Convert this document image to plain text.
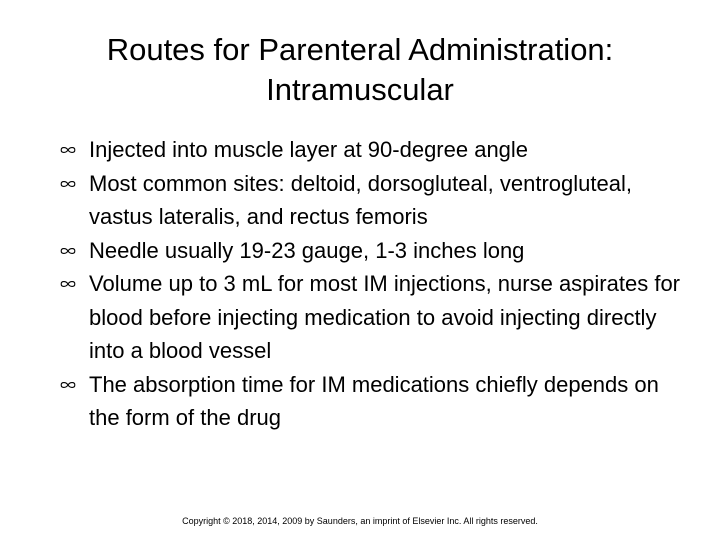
Routes for Parenteral Administration:
Intramuscular
Injected into muscle layer at 90-degree angle
Most common sites: deltoid, dorsogluteal, ventrogluteal, vastus lateralis, and rectus femoris
Needle usually 19-23 gauge, 1-3 inches long
Volume up to 3 mL for most IM injections, nurse aspirates for blood before injecting medication to avoid injecting directly into a blood vessel
The absorption time for IM medications chiefly depends on the form of the drug
Copyright © 2018, 2014, 2009 by Saunders, an imprint of Elsevier Inc. All rights reserved.
